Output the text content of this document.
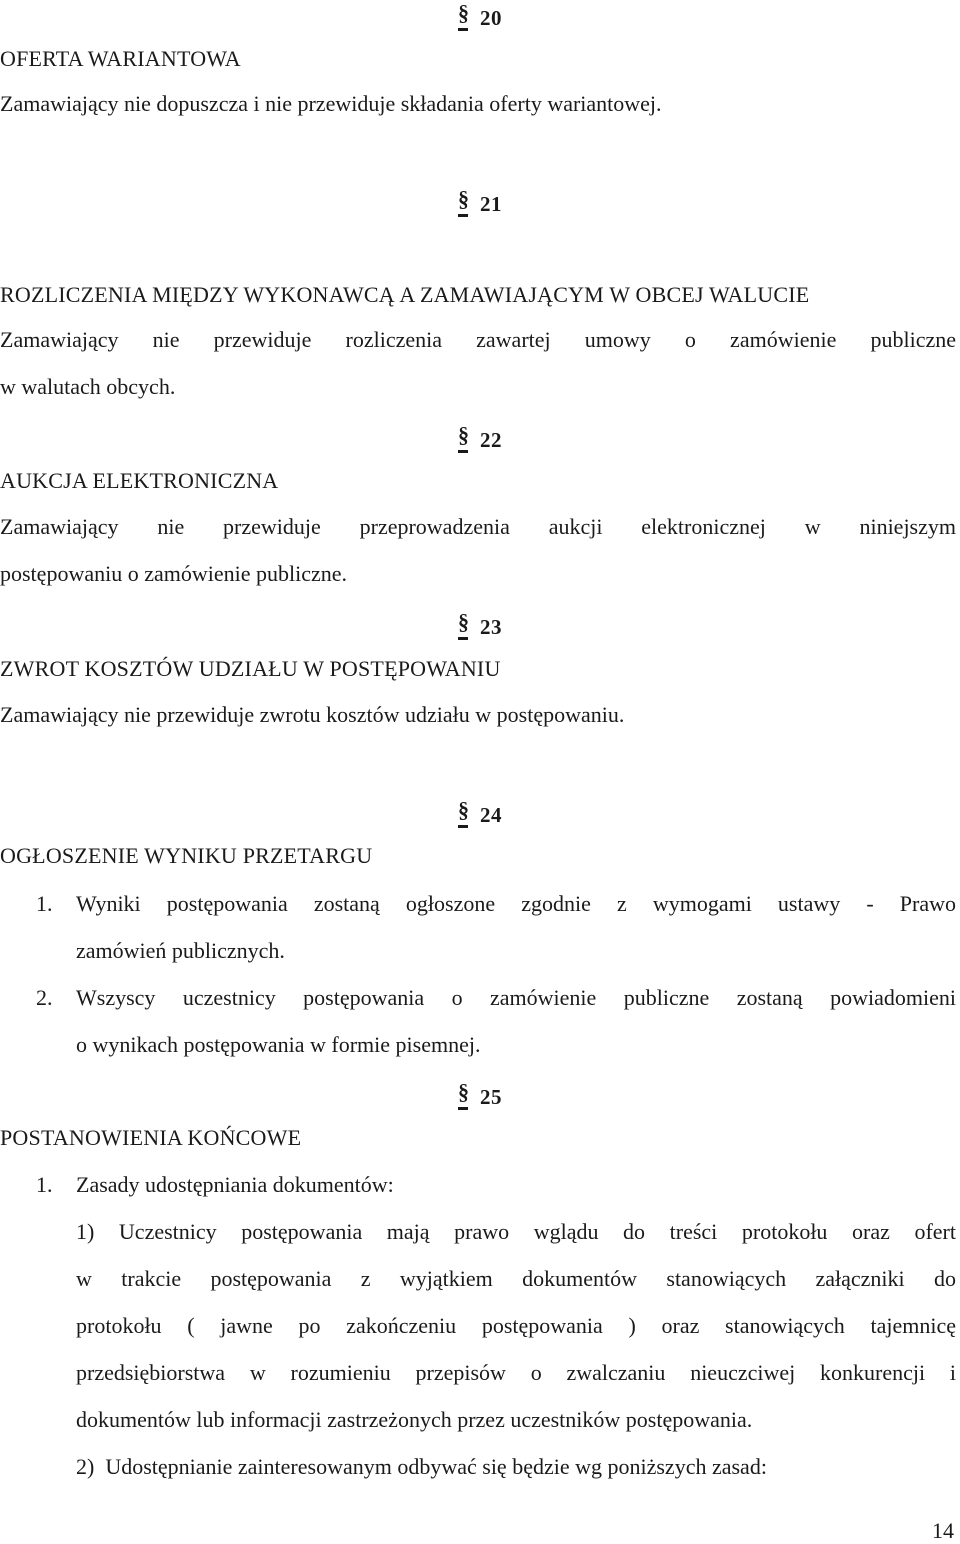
§20
OFERTA WARIANTOWA
Zamawiający nie dopuszcza i nie przewiduje składania oferty wariantowej.
§21
ROZLICZENIA MIĘDZY WYKONAWCĄ A ZAMAWIAJĄCYM W OBCEJ WALUCIE
Zamawiający nie przewiduje rozliczenia zawartej umowy o zamówienie publiczne
w walutach obcych.
§22
AUKCJA ELEKTRONICZNA
Zamawiający nie przewiduje przeprowadzenia aukcji elektronicznej w niniejszym
postępowaniu o zamówienie publiczne.
§23
ZWROT KOSZTÓW UDZIAŁU W POSTĘPOWANIU
Zamawiający nie przewiduje zwrotu kosztów udziału w postępowaniu.
§24
OGŁOSZENIE WYNIKU PRZETARGU
1. Wyniki postępowania zostaną ogłoszone zgodnie z wymogami ustawy - Prawo
zamówień publicznych.
2. Wszyscy uczestnicy postępowania o zamówienie publiczne zostaną powiadomieni
o wynikach postępowania w formie pisemnej.
§25
POSTANOWIENIA KOŃCOWE
1. Zasady udostępniania dokumentów:
1) Uczestnicy postępowania mają prawo wglądu do treści protokołu oraz ofert
w trakcie postępowania z wyjątkiem dokumentów stanowiących załączniki do
protokołu ( jawne po zakończeniu postępowania ) oraz stanowiących tajemnicę
przedsiębiorstwa w rozumieniu przepisów o zwalczaniu nieuczciwej konkurencji i
dokumentów lub informacji zastrzeżonych przez uczestników postępowania.
2)  Udostępnianie zainteresowanym odbywać się będzie wg poniższych zasad:
14
